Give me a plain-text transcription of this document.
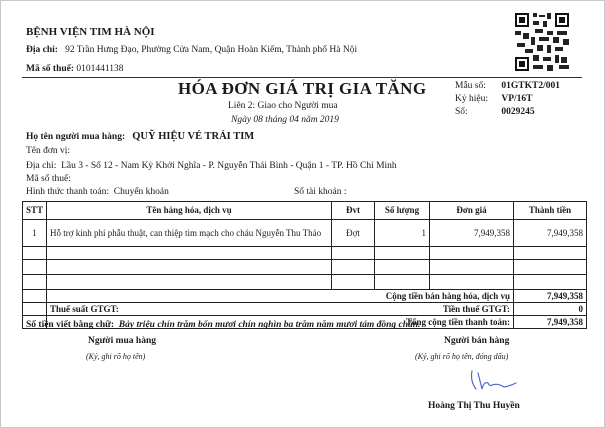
BỆNH VIỆN TIM HÀ NỘI
Địa chỉ: 92 Trần Hưng Đạo, Phường Cửa Nam, Quận Hoàn Kiếm, Thành phố Hà Nội
Mã số thuế: 0101441138
HÓA ĐƠN GIÁ TRỊ GIA TĂNG
Liên 2: Giao cho Người mua
Ngày 08 tháng 04 năm 2019
Mẫu số: 01GTKT2/001
Ký hiệu: VP/16T
Số:	0029245
Họ tên người mua hàng: QUỸ HIỆU VÉ TRÁI TIM
Tên đơn vị:
Địa chỉ: Lầu 3 - Số 12 - Nam Kỳ Khởi Nghĩa - P. Nguyễn Thái Bình - Quận 1 - TP. Hồ Chí Minh
Mã số thuế:
Hình thức thanh toán: Chuyển khoản	Số tài khoản :
STT	Tên hàng hóa, dịch vụ	Đvt	Số lượng	Đơn giá	Thành tiền
1	Hỗ trợ kinh phí phẫu thuật, can thiệp tim mạch cho cháu Nguyễn Thu Thảo	Đợt	1	7,949,358	7,949,358

	Cộng tiền bán hàng hóa, dịch vụ				7,949,358
	Thuế suất GTGT: Tiền thuế GTGT:				0
	Tổng cộng tiền thanh toán:				7,949,358
Số tiền viết bằng chữ: Bảy triệu chín trăm bốn mươi chín nghìn ba trăm năm mươi tám đồng chẵn.
Người mua hàng
(Ký, ghi rõ họ tên)
Người bán hàng
(Ký, ghi rõ họ tên, đóng dấu)
Hoàng Thị Thu Huyền
